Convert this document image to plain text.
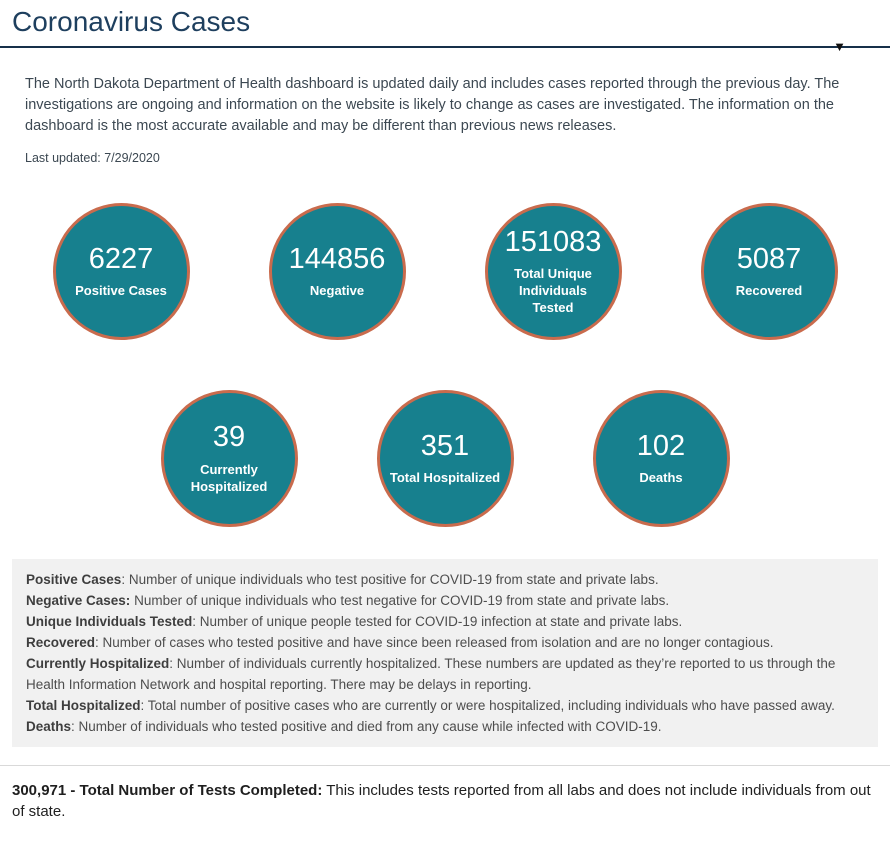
Coronavirus Cases
▼

The North Dakota Department of Health dashboard is updated daily and includes cases reported through the previous day. The investigations are ongoing and information on the website is likely to change as cases are investigated. The information on the dashboard is the most accurate available and may be different than previous news releases.

Last updated: 7/29/2020

6227
Positive Cases
144856
Negative
151083
Total Unique Individuals Tested
5087
Recovered
39
Currently Hospitalized
351
Total Hospitalized
102
Deaths
Positive Cases: Number of unique individuals who test positive for COVID-19 from state and private labs.
Negative Cases: Number of unique individuals who test negative for COVID-19 from state and private labs.
Unique Individuals Tested: Number of unique people tested for COVID-19 infection at state and private labs.
Recovered: Number of cases who tested positive and have since been released from isolation and are no longer contagious.
Currently Hospitalized: Number of individuals currently hospitalized. These numbers are updated as they’re reported to us through the Health Information Network and hospital reporting. There may be delays in reporting.
Total Hospitalized: Total number of positive cases who are currently or were hospitalized, including individuals who have passed away.
Deaths: Number of individuals who tested positive and died from any cause while infected with COVID-19.
300,971 - Total Number of Tests Completed: This includes tests reported from all labs and does not include individuals from out of state.
